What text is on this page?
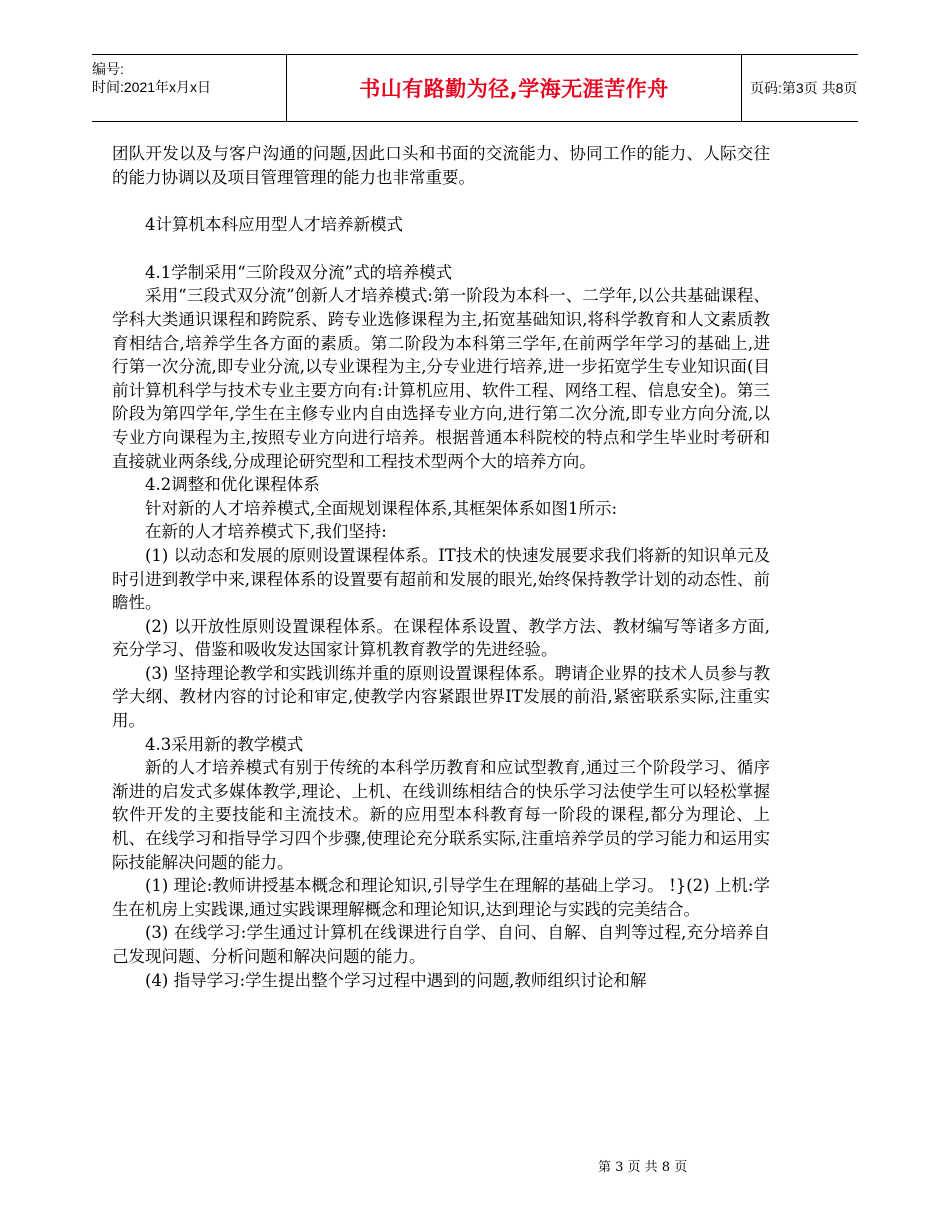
编号:
时间:2021年x月x日	书山有路勤为径,学海无涯苦作舟	页码:第3页 共8页

团队开发以及与客户沟通的问题,因此口头和书面的交流能力、协同工作的能力、人际交往的能力协调以及项目管理管理的能力也非常重要。

4计算机本科应用型人才培养新模式

4.1学制采用“三阶段双分流”式的培养模式

采用“三段式双分流”创新人才培养模式:第一阶段为本科一、二学年,以公共基础课程、学科大类通识课程和跨院系、跨专业选修课程为主,拓宽基础知识,将科学教育和人文素质教育相结合,培养学生各方面的素质。第二阶段为本科第三学年,在前两学年学习的基础上,进行第一次分流,即专业分流,以专业课程为主,分专业进行培养,进一步拓宽学生专业知识面(目前计算机科学与技术专业主要方向有:计算机应用、软件工程、网络工程、信息安全)。第三阶段为第四学年,学生在主修专业内自由选择专业方向,进行第二次分流,即专业方向分流,以专业方向课程为主,按照专业方向进行培养。根据普通本科院校的特点和学生毕业时考研和直接就业两条线,分成理论研究型和工程技术型两个大的培养方向。

4.2调整和优化课程体系

针对新的人才培养模式,全面规划课程体系,其框架体系如图1所示:

在新的人才培养模式下,我们坚持:

(1) 以动态和发展的原则设置课程体系。IT技术的快速发展要求我们将新的知识单元及时引进到教学中来,课程体系的设置要有超前和发展的眼光,始终保持教学计划的动态性、前瞻性。

(2) 以开放性原则设置课程体系。在课程体系设置、教学方法、教材编写等诸多方面,充分学习、借鉴和吸收发达国家计算机教育教学的先进经验。

(3) 坚持理论教学和实践训练并重的原则设置课程体系。聘请企业界的技术人员参与教学大纲、教材内容的讨论和审定,使教学内容紧跟世界IT发展的前沿,紧密联系实际,注重实用。

4.3采用新的教学模式

新的人才培养模式有别于传统的本科学历教育和应试型教育,通过三个阶段学习、循序渐进的启发式多媒体教学,理论、上机、在线训练相结合的快乐学习法使学生可以轻松掌握软件开发的主要技能和主流技术。新的应用型本科教育每一阶段的课程,都分为理论、上机、在线学习和指导学习四个步骤,使理论充分联系实际,注重培养学员的学习能力和运用实际技能解决问题的能力。

(1) 理论:教师讲授基本概念和理论知识,引导学生在理解的基础上学习。 !}(2) 上机:学生在机房上实践课,通过实践课理解概念和理论知识,达到理论与实践的完美结合。

(3) 在线学习:学生通过计算机在线课进行自学、自问、自解、自判等过程,充分培养自己发现问题、分析问题和解决问题的能力。

(4) 指导学习:学生提出整个学习过程中遇到的问题,教师组织讨论和解

第 3 页 共 8 页
